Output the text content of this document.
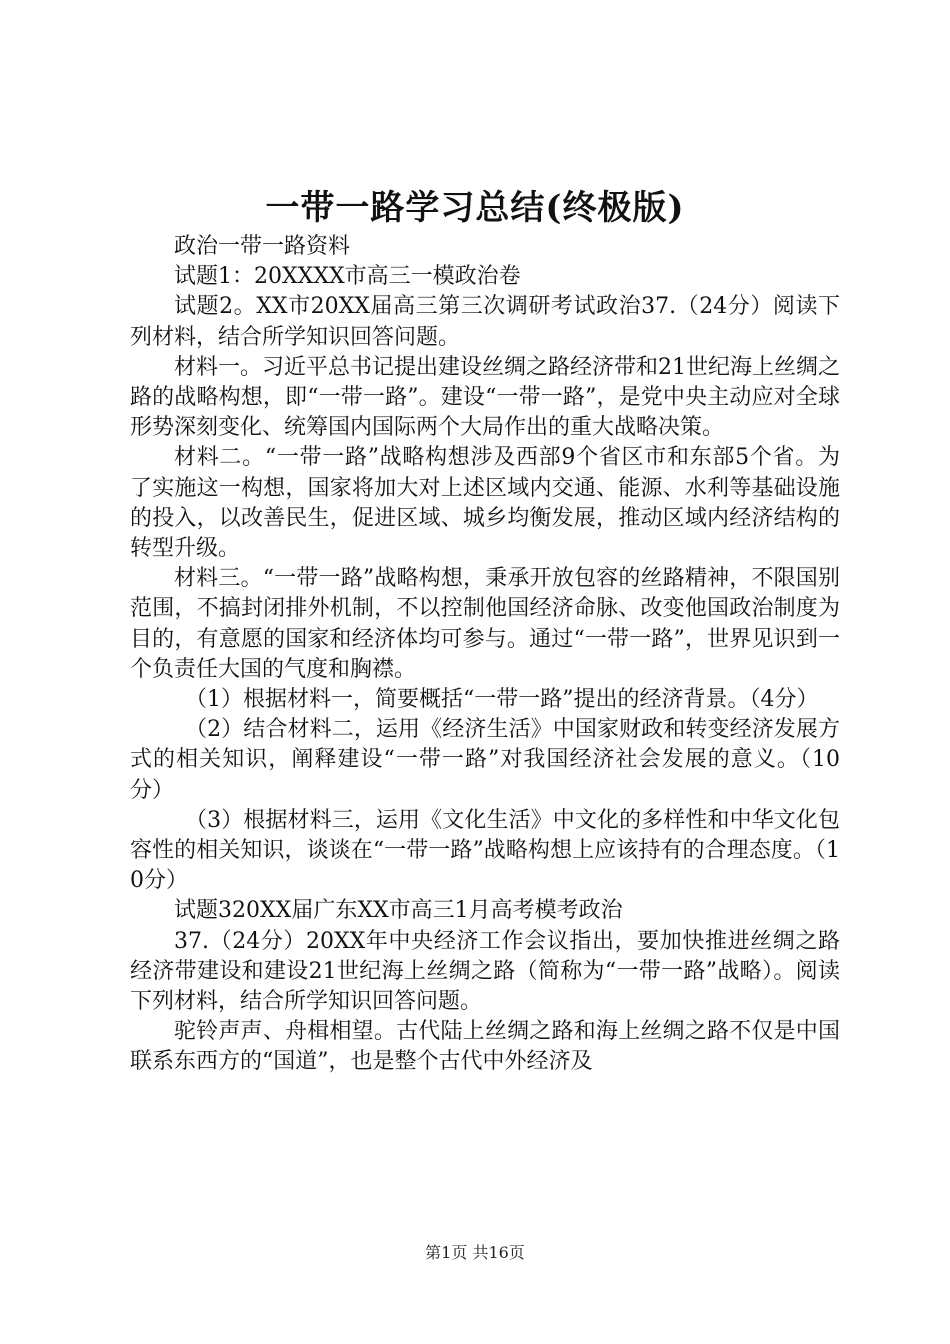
一带一路学习总结(终极版)

政治一带一路资料

试题1：20XXXX市高三一模政治卷

试题2。XX市20XX届高三第三次调研考试政治37.（24分）阅读下列材料，结合所学知识回答问题。

材料一。习近平总书记提出建设丝绸之路经济带和21世纪海上丝绸之路的战略构想，即“一带一路”。建设“一带一路”，是党中央主动应对全球形势深刻变化、统筹国内国际两个大局作出的重大战略决策。

材料二。“一带一路”战略构想涉及西部9个省区市和东部5个省。为了实施这一构想，国家将加大对上述区域内交通、能源、水利等基础设施的投入，以改善民生，促进区域、城乡均衡发展，推动区域内经济结构的转型升级。

材料三。“一带一路”战略构想，秉承开放包容的丝路精神，不限国别范围，不搞封闭排外机制，不以控制他国经济命脉、改变他国政治制度为目的，有意愿的国家和经济体均可参与。通过“一带一路”，世界见识到一个负责任大国的气度和胸襟。

（1）根据材料一，简要概括“一带一路”提出的经济背景。（4分）

（2）结合材料二，运用《经济生活》中国家财政和转变经济发展方式的相关知识，阐释建设“一带一路”对我国经济社会发展的意义。（10分）

（3）根据材料三，运用《文化生活》中文化的多样性和中华文化包容性的相关知识，谈谈在“一带一路”战略构想上应该持有的合理态度。（10分）

试题320XX届广东XX市高三1月高考模考政治

37.（24分）20XX年中央经济工作会议指出，要加快推进丝绸之路经济带建设和建设21世纪海上丝绸之路（简称为“一带一路”战略）。阅读下列材料，结合所学知识回答问题。

驼铃声声、舟楫相望。古代陆上丝绸之路和海上丝绸之路不仅是中国联系东西方的“国道”，也是整个古代中外经济及

第1页 共16页
